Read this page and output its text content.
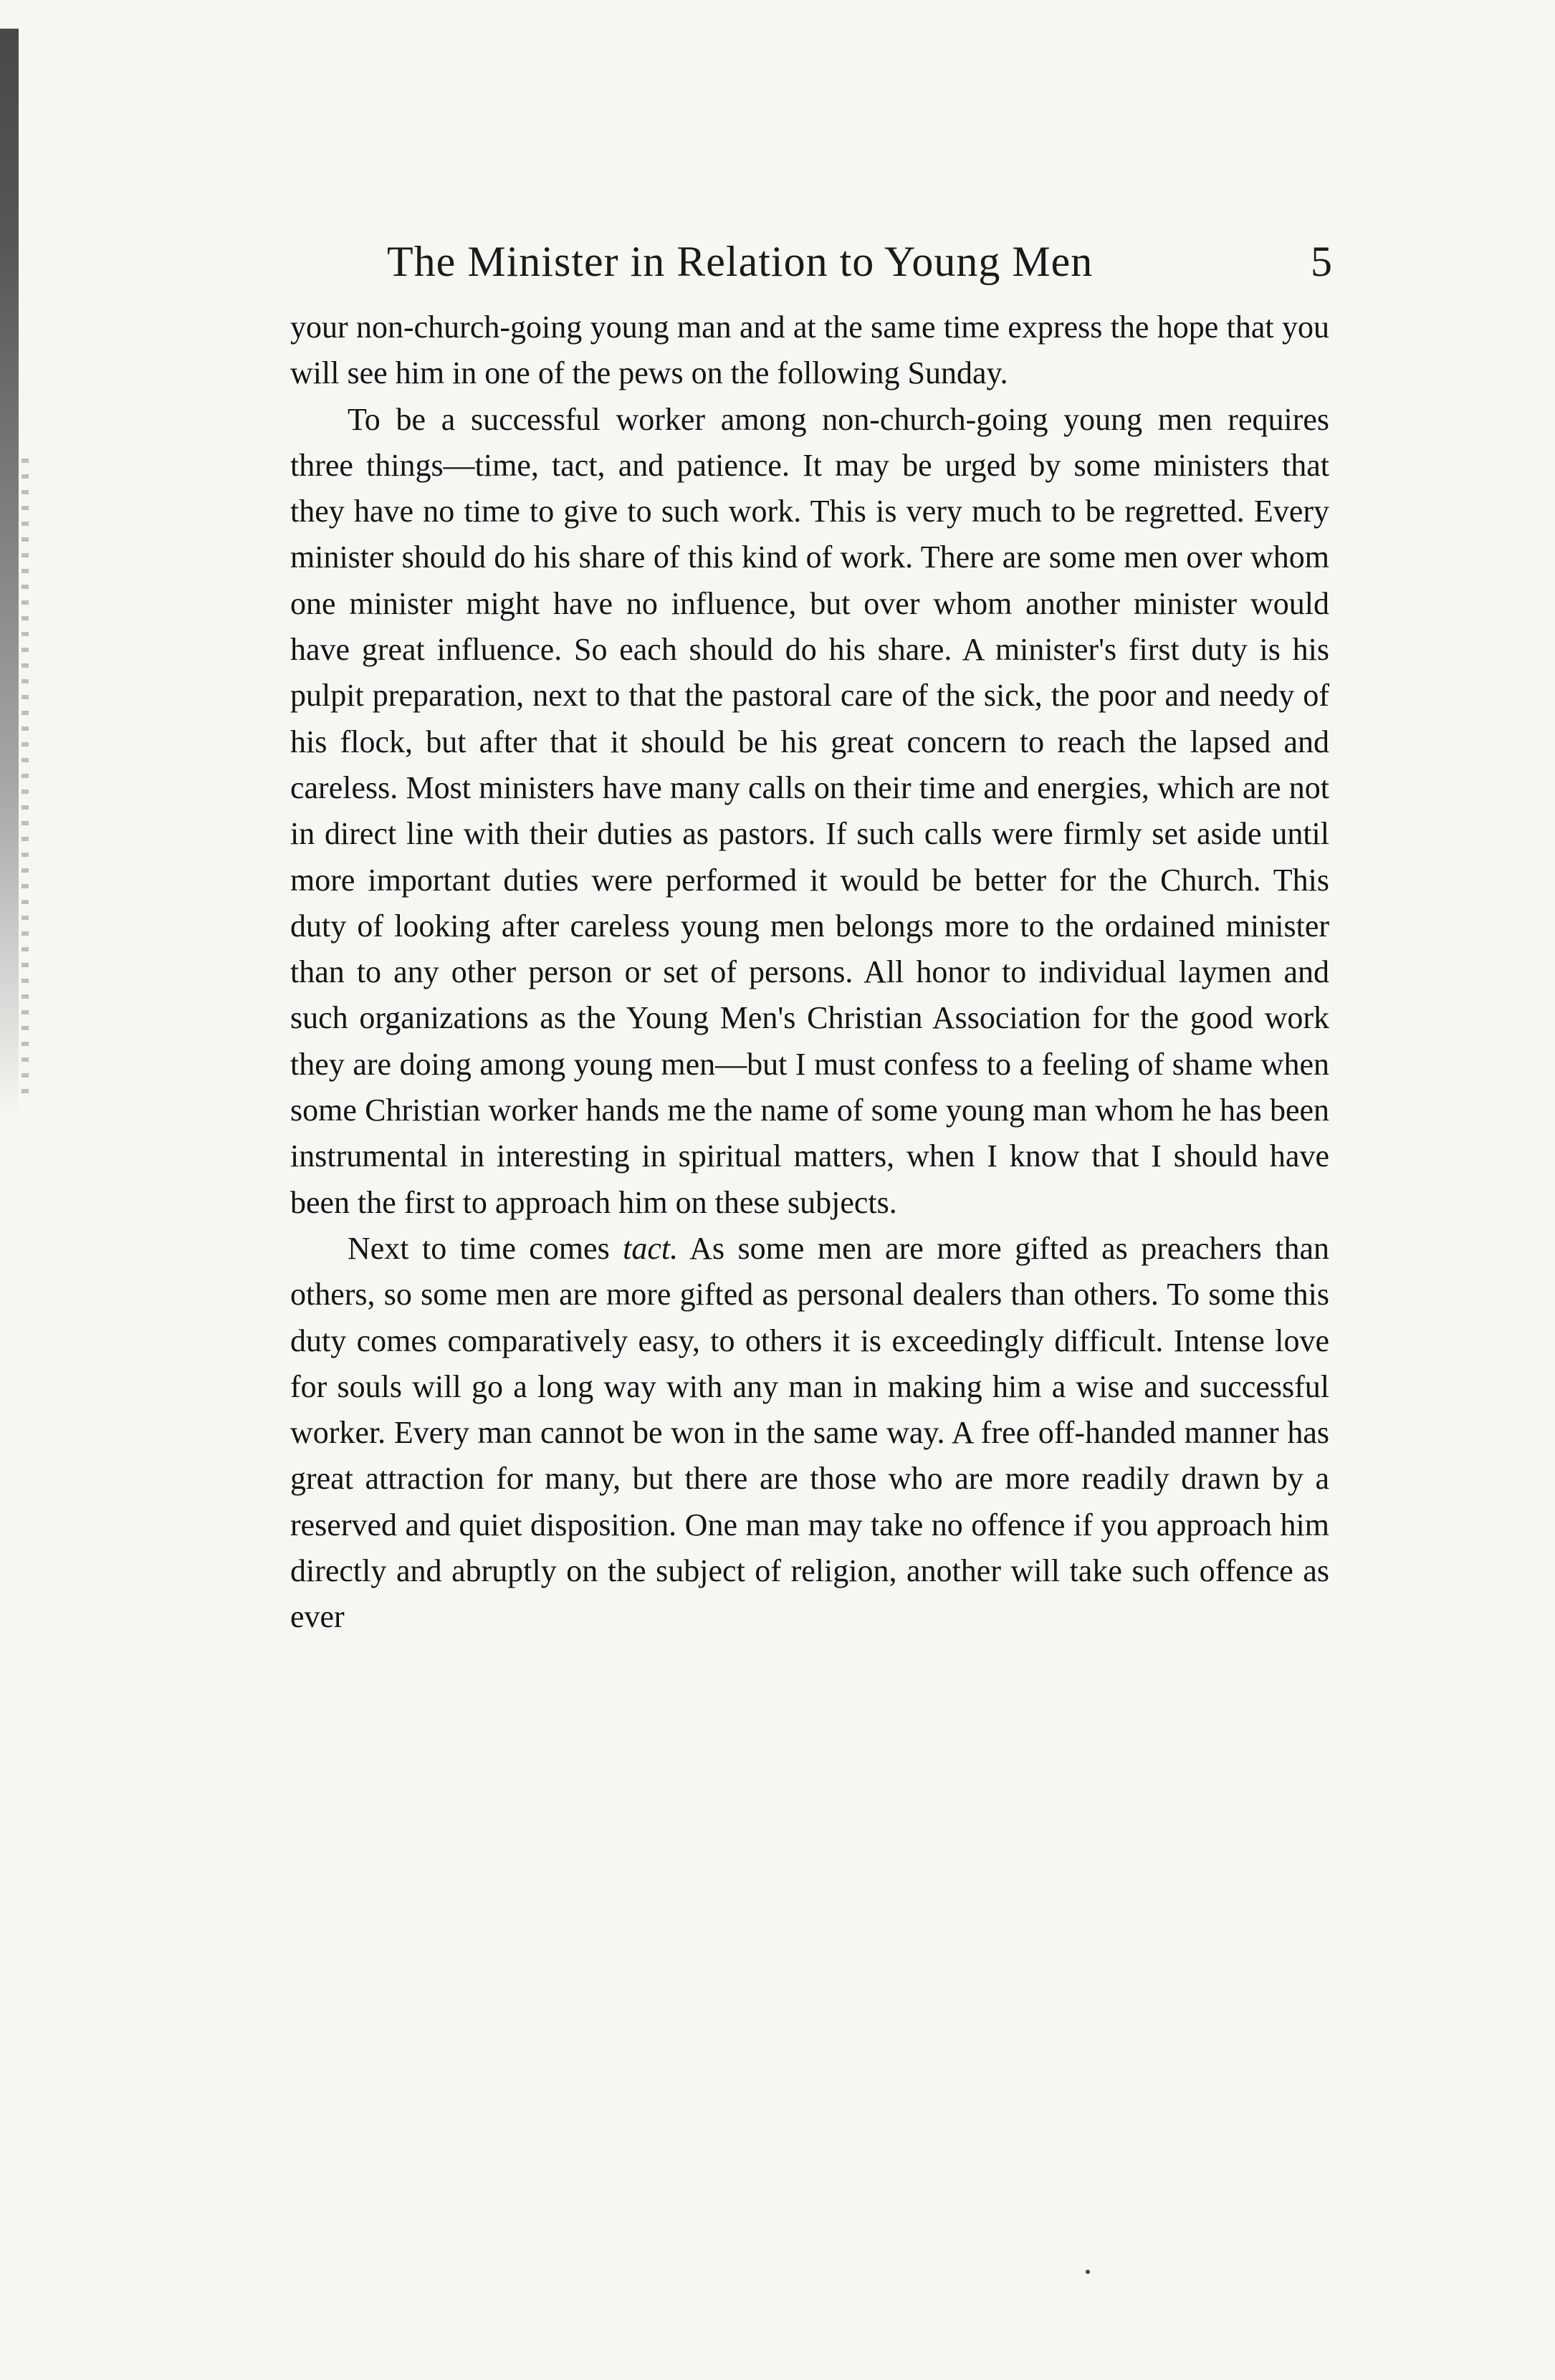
The Minister in Relation to Young Men	5

your non-church-going young man and at the same time express the hope that you will see him in one of the pews on the following Sunday.

To be a successful worker among non-church-going young men requires three things—time, tact, and patience. It may be urged by some ministers that they have no time to give to such work. This is very much to be regretted. Every minister should do his share of this kind of work. There are some men over whom one minister might have no influence, but over whom another minister would have great influence. So each should do his share. A minister's first duty is his pulpit preparation, next to that the pastoral care of the sick, the poor and needy of his flock, but after that it should be his great concern to reach the lapsed and careless. Most ministers have many calls on their time and energies, which are not in direct line with their duties as pastors. If such calls were firmly set aside until more important duties were performed it would be better for the Church. This duty of looking after careless young men belongs more to the ordained minister than to any other person or set of persons. All honor to individual laymen and such organizations as the Young Men's Christian Association for the good work they are doing among young men—but I must confess to a feeling of shame when some Christian worker hands me the name of some young man whom he has been instrumental in interesting in spiritual matters, when I know that I should have been the first to approach him on these subjects.

Next to time comes tact. As some men are more gifted as preachers than others, so some men are more gifted as personal dealers than others. To some this duty comes comparatively easy, to others it is exceedingly difficult. Intense love for souls will go a long way with any man in making him a wise and successful worker. Every man cannot be won in the same way. A free off-handed manner has great attraction for many, but there are those who are more readily drawn by a reserved and quiet disposition. One man may take no offence if you approach him directly and abruptly on the subject of religion, another will take such offence as ever
